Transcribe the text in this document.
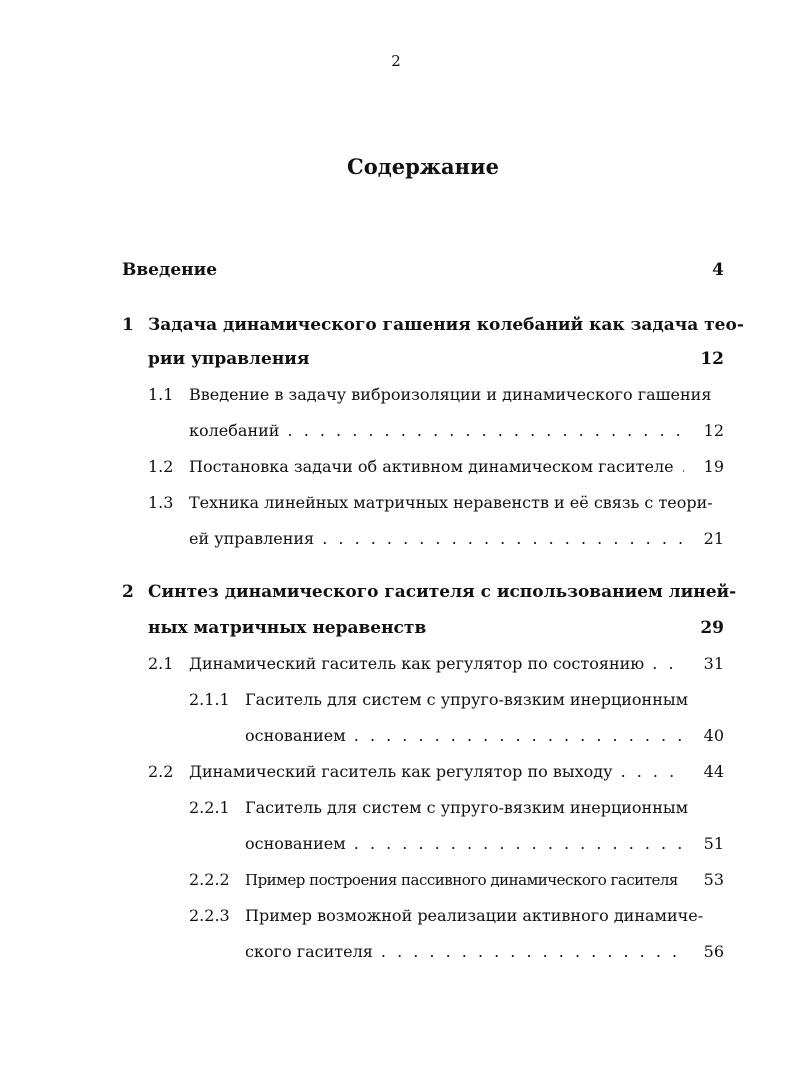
2
Содержание
Введение	4
1 Задача динамического гашения колебаний как задача тео-
рии управления	12
1.1 Введение в задачу виброизоляции и динамического гашения
колебаний . . .	12
1.2 Постановка задачи об активном динамическом гасителе . . .	19
1.3 Техника линейных матричных неравенств и её связь с теори-
ей управления . . .	21
2 Синтез динамического гасителя с использованием линей-
ных матричных неравенств	29
2.1 Динамический гаситель как регулятор по состоянию . . .	31
2.1.1 Гаситель для систем с упруго-вязким инерционным
основанием . . .	40
2.2 Динамический гаситель как регулятор по выходу . . .	44
2.2.1 Гаситель для систем с упруго-вязким инерционным
основанием . . .	51
2.2.2 Пример построения пассивного динамического гасителя	53
2.2.3 Пример возможной реализации активного динамиче-
ского гасителя . . .	56
